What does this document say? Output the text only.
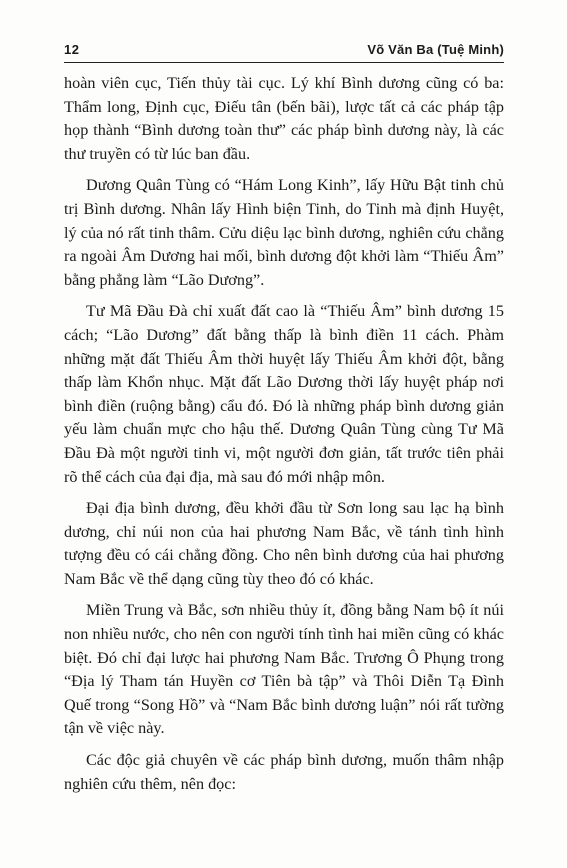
12	Võ Văn Ba (Tuệ Minh)

hoàn viên cục, Tiến thủy tài cục. Lý khí Bình dương cũng có ba: Thẩm long, Định cục, Điếu tân (bến bãi), lược tất cả các pháp tập họp thành “Bình dương toàn thư” các pháp bình dương này, là các thư truyền có từ lúc ban đầu.

Dương Quân Tùng có “Hám Long Kinh”, lấy Hữu Bật tinh chủ trị Bình dương. Nhân lấy Hình biện Tinh, do Tinh mà định Huyệt, lý của nó rất tinh thâm. Cửu diệu lạc bình dương, nghiên cứu chẳng ra ngoài Âm Dương hai mối, bình dương đột khởi làm “Thiếu Âm” bằng phẳng làm “Lão Dương”.

Tư Mã Đầu Đà chỉ xuất đất cao là “Thiếu Âm” bình dương 15 cách; “Lão Dương” đất bằng thấp là bình điền 11 cách. Phàm những mặt đất Thiếu Âm thời huyệt lấy Thiếu Âm khởi đột, bằng thấp làm Khổn nhục. Mặt đất Lão Dương thời lấy huyệt pháp nơi bình điền (ruộng bằng) cẩu đó. Đó là những pháp bình dương giản yếu làm chuẩn mực cho hậu thế. Dương Quân Tùng cùng Tư Mã Đầu Đà một người tinh vi, một người đơn giản, tất trước tiên phải rõ thể cách của đại địa, mà sau đó mới nhập môn.

Đại địa bình dương, đều khởi đầu từ Sơn long sau lạc hạ bình dương, chỉ núi non của hai phương Nam Bắc, về tánh tình hình tượng đều có cái chẳng đồng. Cho nên bình dương của hai phương Nam Bắc về thể dạng cũng tùy theo đó có khác.

Miền Trung và Bắc, sơn nhiều thủy ít, đồng bằng Nam bộ ít núi non nhiều nước, cho nên con người tính tình hai miền cũng có khác biệt. Đó chỉ đại lược hai phương Nam Bắc. Trương Ô Phụng trong “Địa lý Tham tán Huyền cơ Tiên bà tập” và Thôi Diễn Tạ Đình Quế trong “Song Hồ” và “Nam Bắc bình dương luận” nói rất tường tận về việc này.

Các độc giả chuyên về các pháp bình dương, muốn thâm nhập nghiên cứu thêm, nên đọc:
